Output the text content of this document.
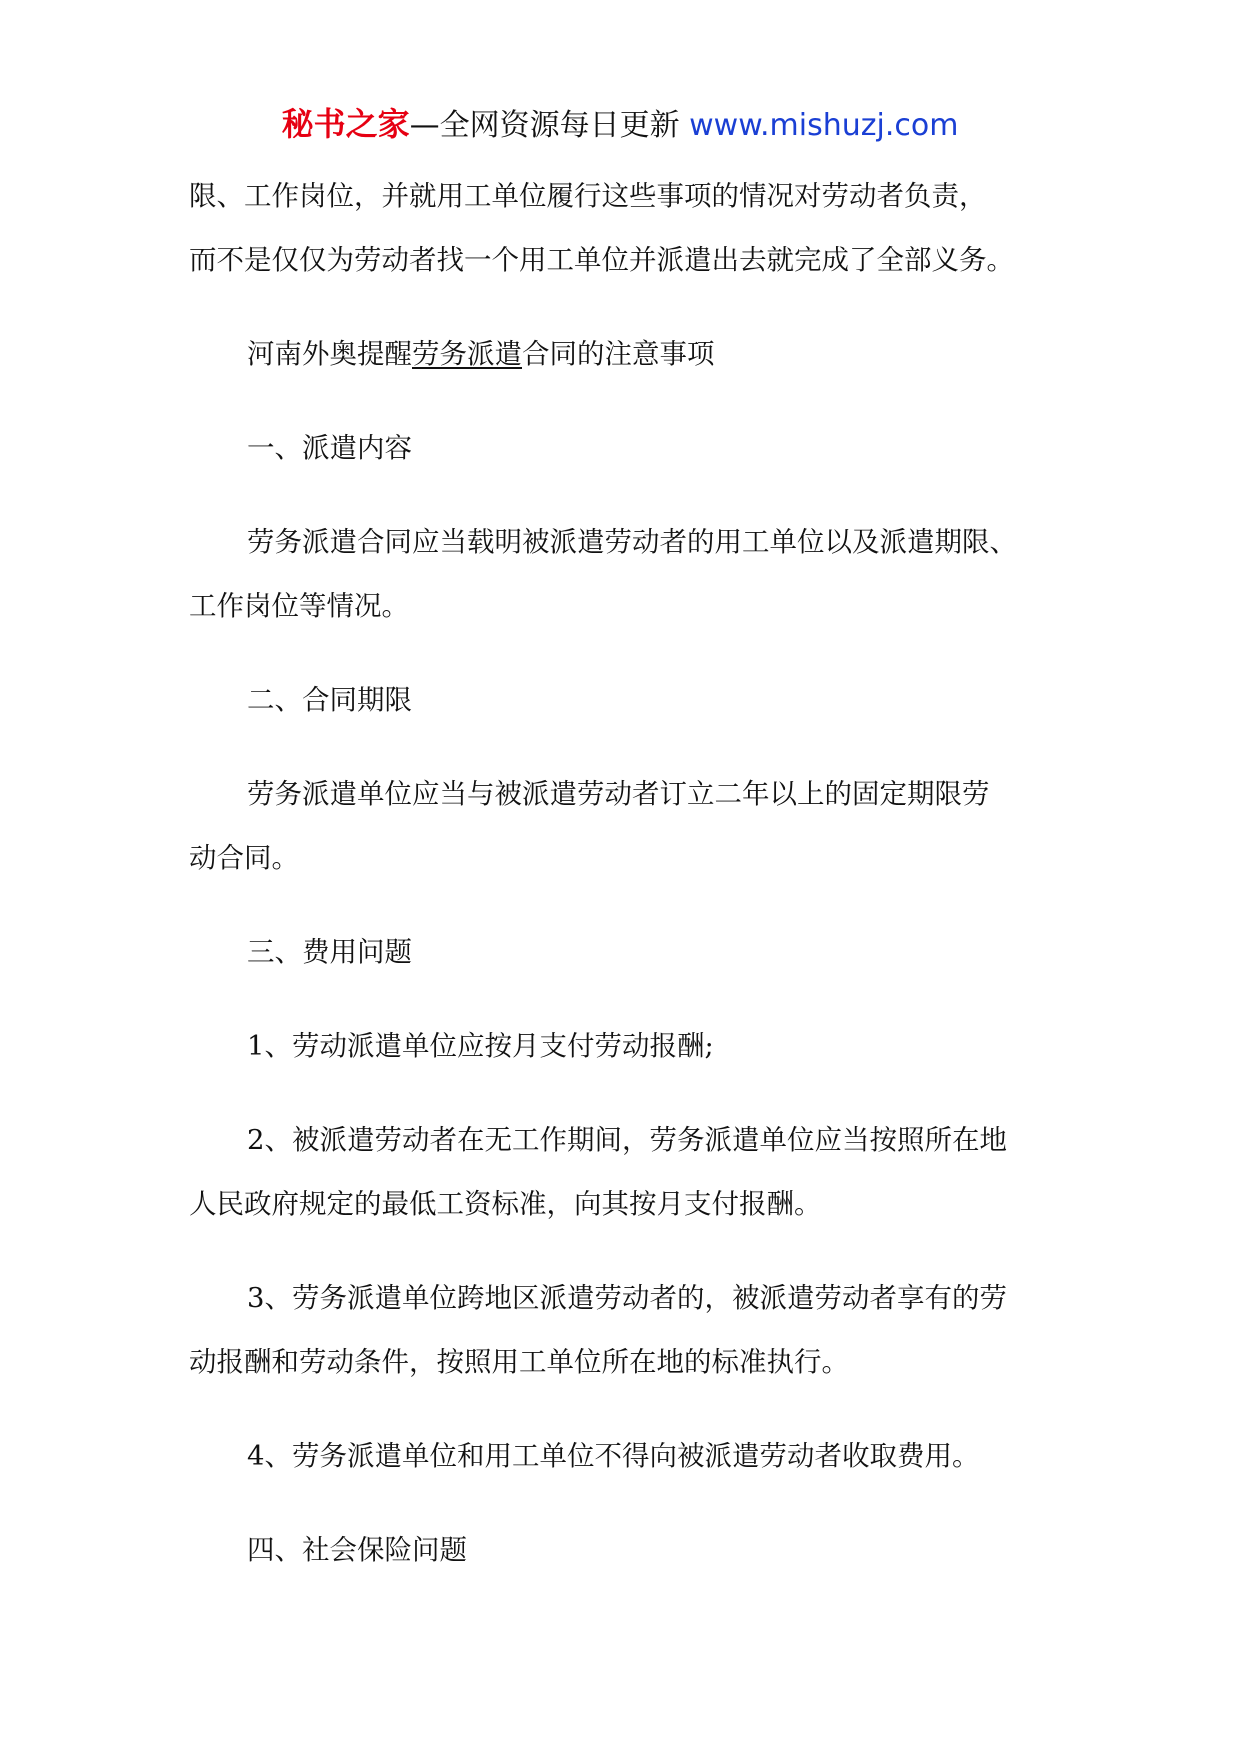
秘书之家—全网资源每日更新 www.mishuzj.com

限、工作岗位，并就用工单位履行这些事项的情况对劳动者负责，

而不是仅仅为劳动者找一个用工单位并派遣出去就完成了全部义务。

河南外奥提醒劳务派遣合同的注意事项

一、派遣内容

劳务派遣合同应当载明被派遣劳动者的用工单位以及派遣期限、

工作岗位等情况。

二、合同期限

劳务派遣单位应当与被派遣劳动者订立二年以上的固定期限劳

动合同。

三、费用问题

1、劳动派遣单位应按月支付劳动报酬;

2、被派遣劳动者在无工作期间，劳务派遣单位应当按照所在地

人民政府规定的最低工资标准，向其按月支付报酬。

3、劳务派遣单位跨地区派遣劳动者的，被派遣劳动者享有的劳

动报酬和劳动条件，按照用工单位所在地的标准执行。

4、劳务派遣单位和用工单位不得向被派遣劳动者收取费用。

四、社会保险问题
